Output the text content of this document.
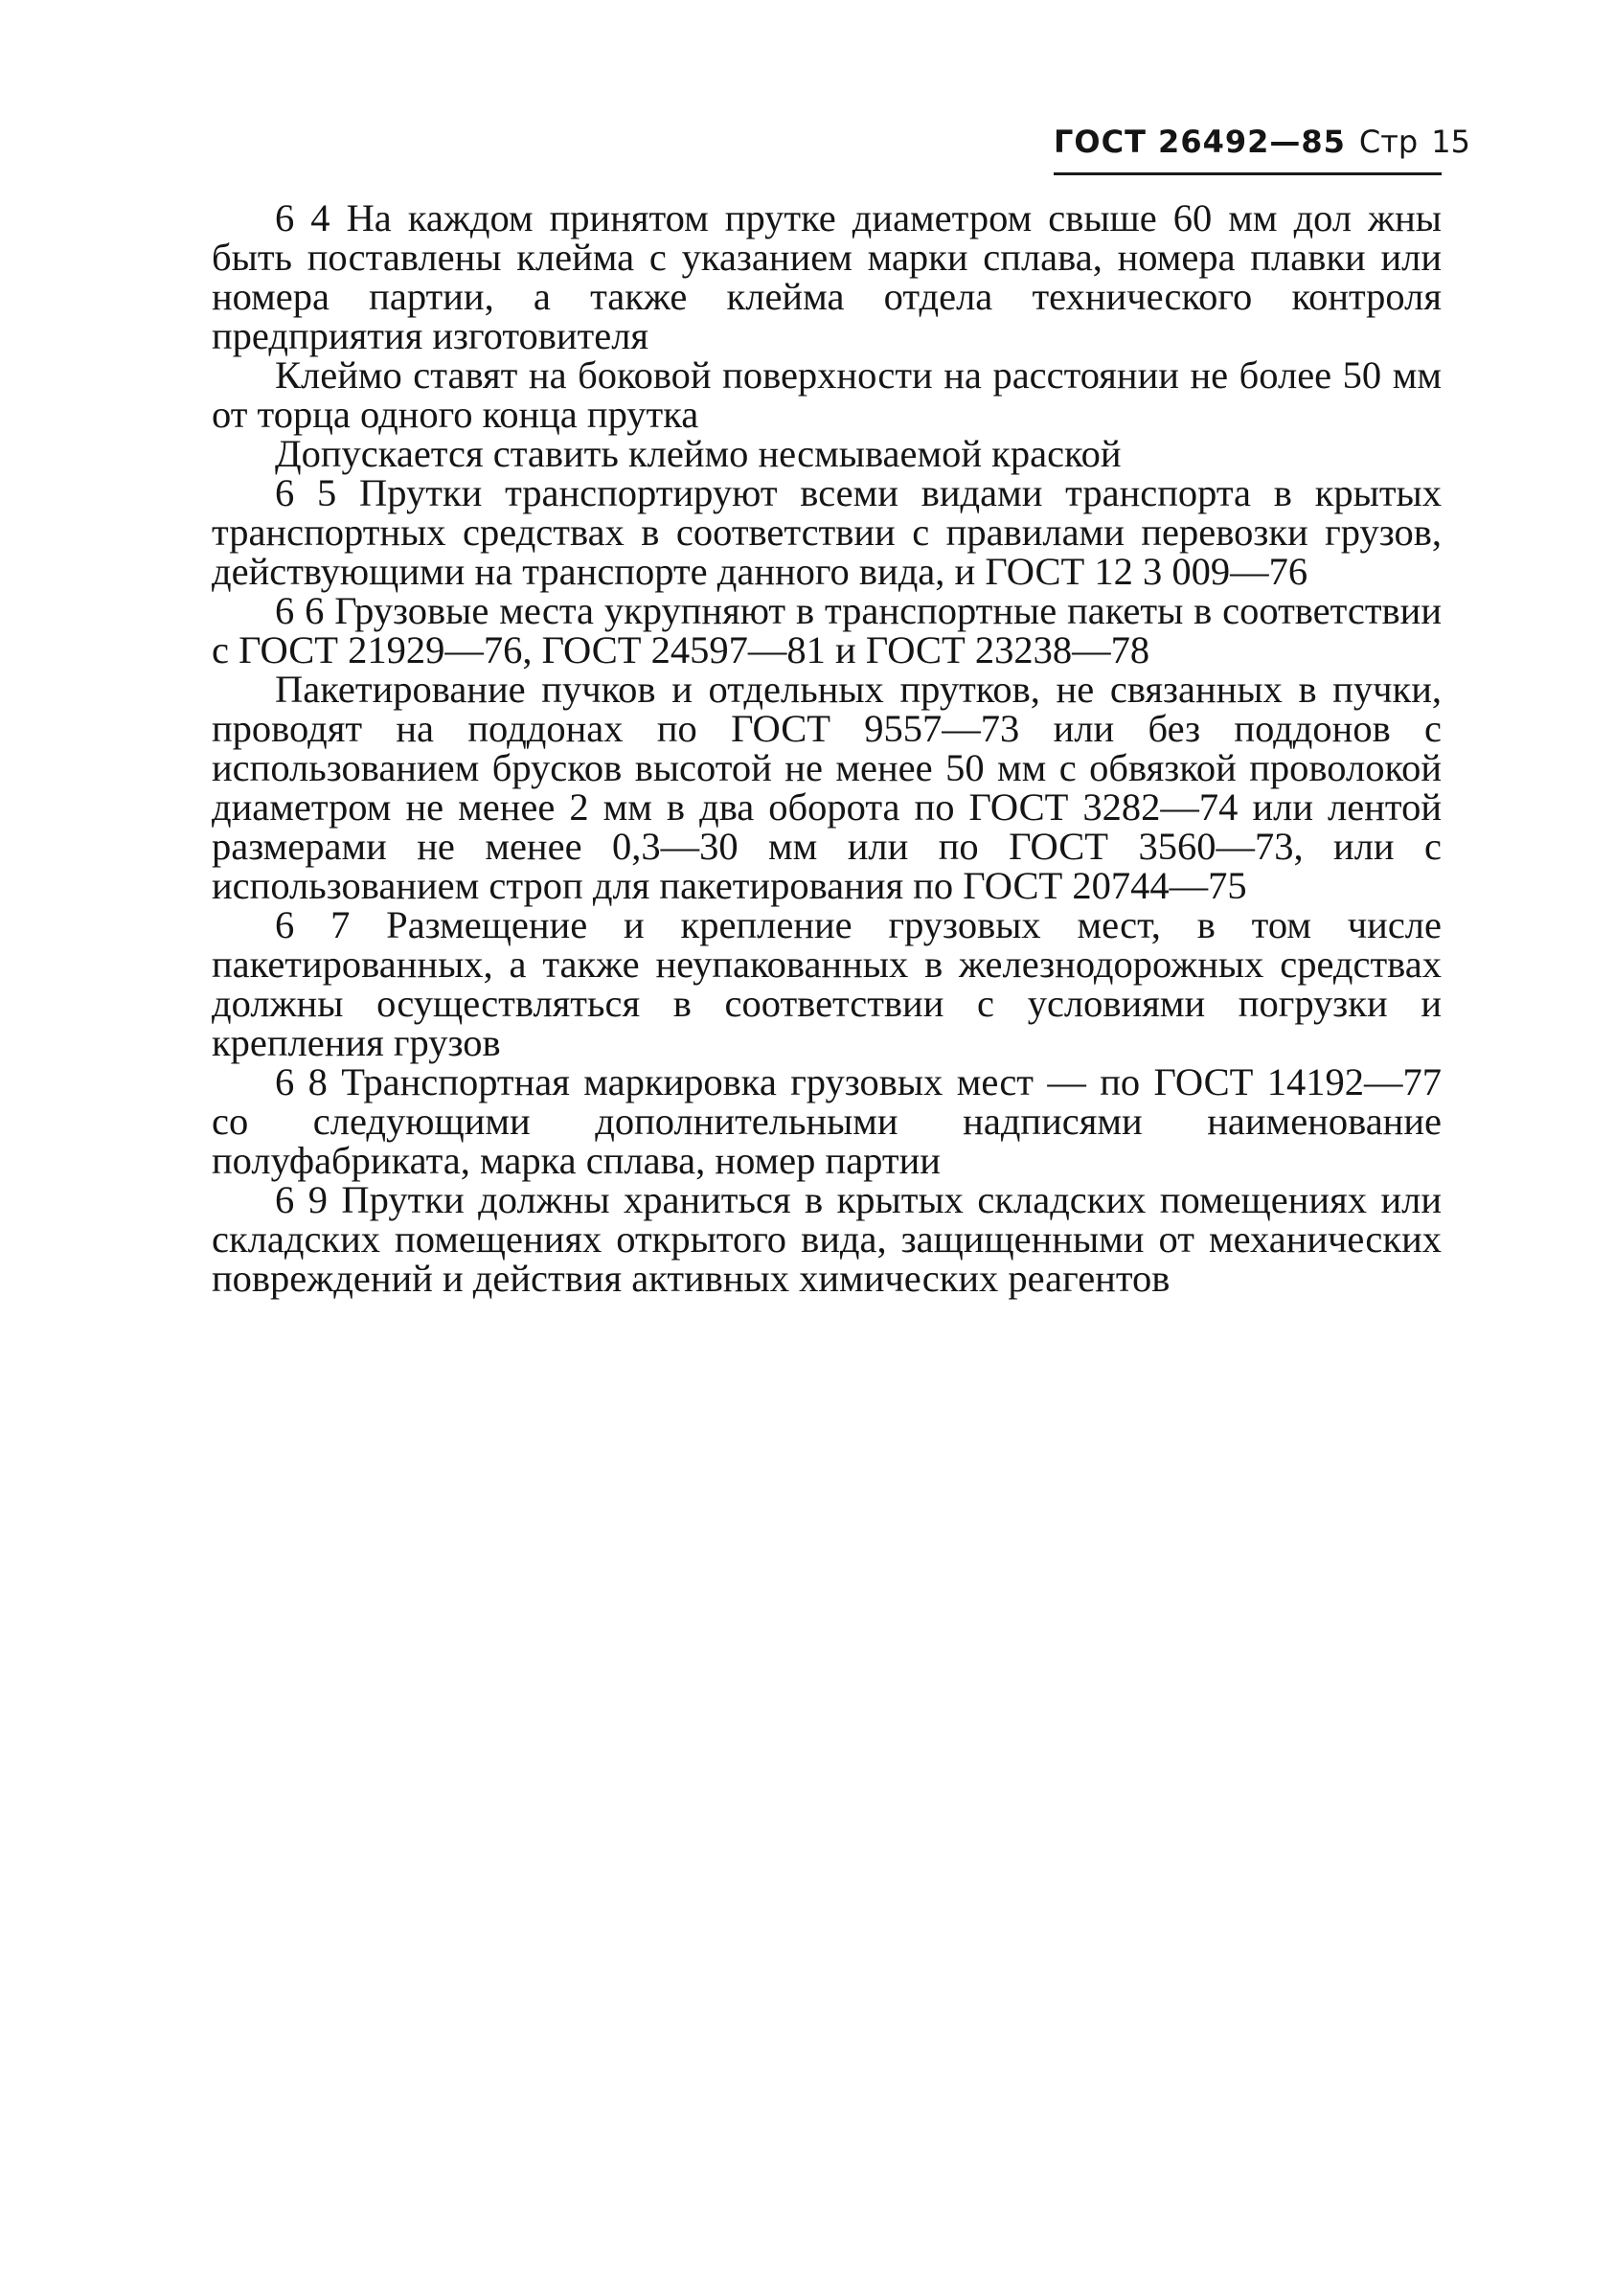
ГОСТ 26492—85 Стр 15

6 4 На каждом принятом прутке диаметром свыше 60 мм дол жны быть поставлены клейма с указанием марки сплава, номера плавки или номера партии, а также клейма отдела технического контроля предприятия изготовителя

Клеймо ставят на боковой поверхности на расстоянии не более 50 мм от торца одного конца прутка

Допускается ставить клеймо несмываемой краской

6 5 Прутки транспортируют всеми видами транспорта в крытых транспортных средствах в соответствии с правилами перевозки грузов, действующими на транспорте данного вида, и ГОСТ 12 3 009—76

6 6 Грузовые места укрупняют в транспортные пакеты в соответствии с ГОСТ 21929—76, ГОСТ 24597—81 и ГОСТ 23238—78

Пакетирование пучков и отдельных прутков, не связанных в пучки, проводят на поддонах по ГОСТ 9557—73 или без поддонов с использованием брусков высотой не менее 50 мм с обвязкой проволокой диаметром не менее 2 мм в два оборота по ГОСТ 3282—74 или лентой размерами не менее 0,3—30 мм или по ГОСТ 3560—73, или с использованием строп для пакетирования по ГОСТ 20744—75

6 7 Размещение и крепление грузовых мест, в том числе пакетированных, а также неупакованных в железнодорожных средствах должны осуществляться в соответствии с условиями погрузки и крепления грузов

6 8 Транспортная маркировка грузовых мест — по ГОСТ 14192—77 со следующими дополнительными надписями наименование полуфабриката, марка сплава, номер партии

6 9 Прутки должны храниться в крытых складских помещениях или складских помещениях открытого вида, защищенными от механических повреждений и действия активных химических реагентов
